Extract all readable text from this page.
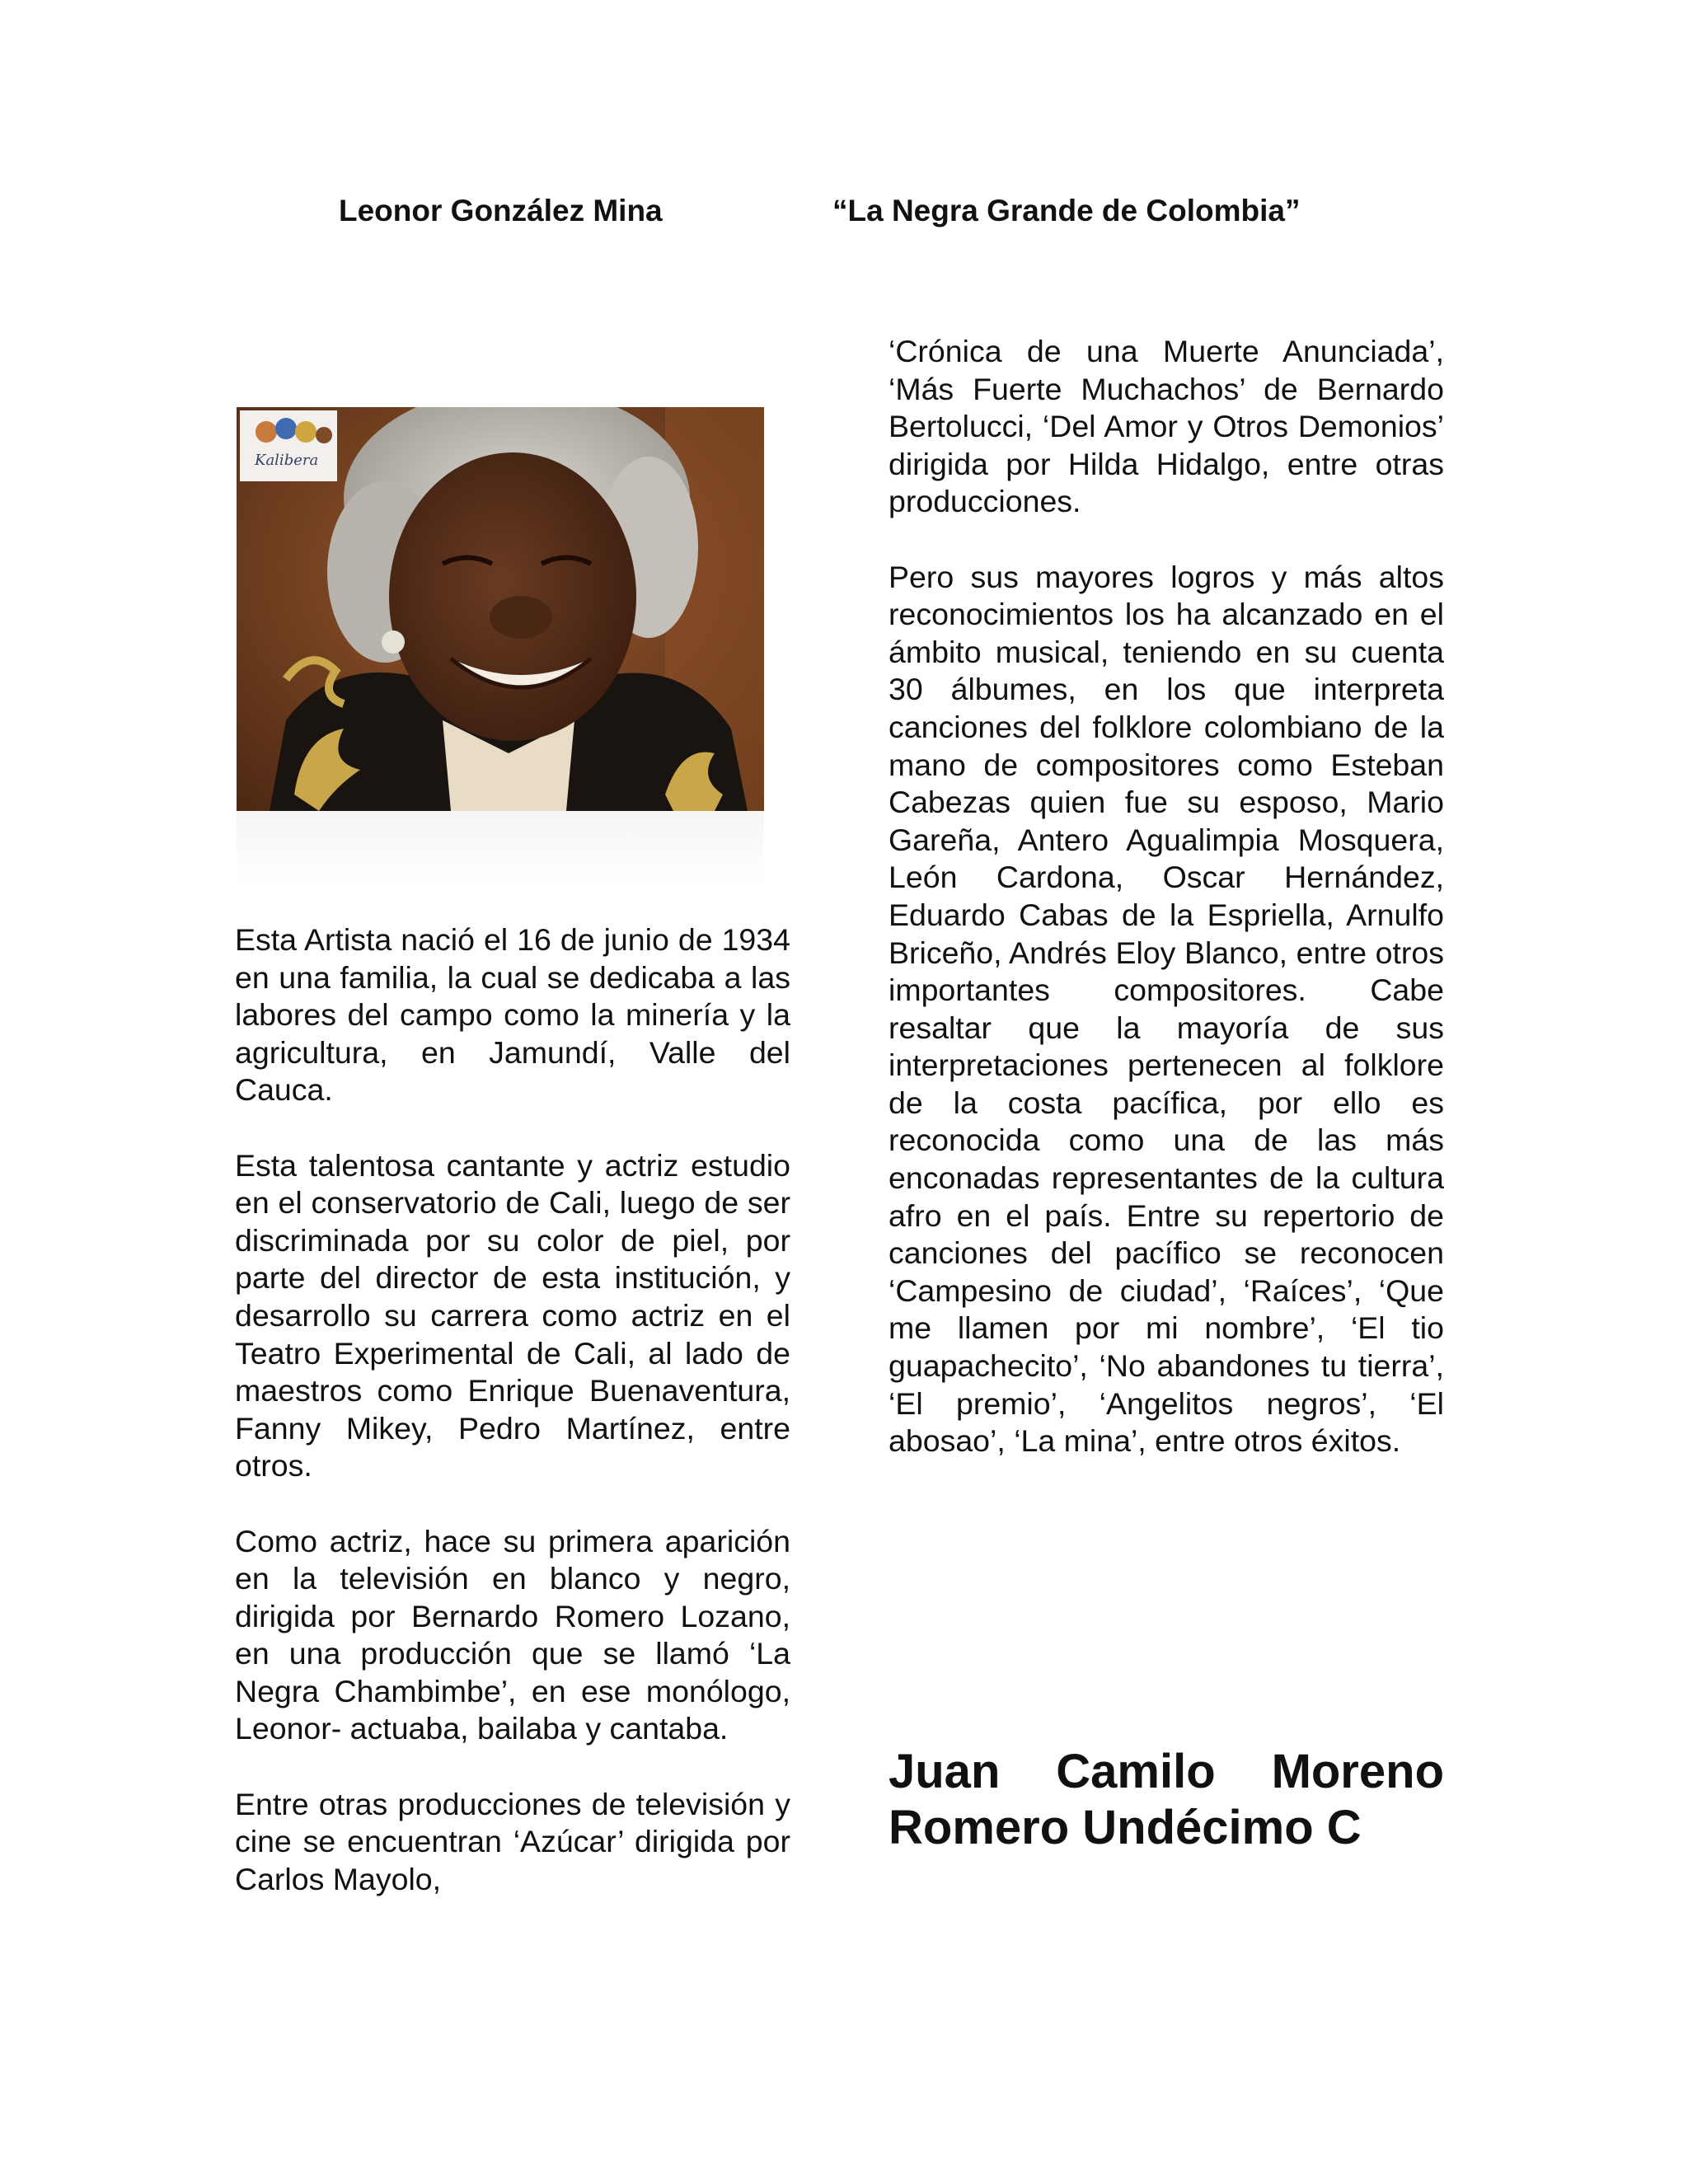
Leonor González Mina	“La Negra Grande de Colombia”
Kalibera

Esta Artista nació el 16 de junio de 1934 en una familia, la cual se dedicaba a las labores del campo como la minería y la agricultura, en Jamundí, Valle del Cauca.

Esta talentosa cantante y actriz estudio en el conservatorio de Cali, luego de ser discriminada por su color de piel, por parte del director de esta institución, y desarrollo su carrera como actriz en el Teatro Experimental de Cali, al lado de maestros como Enrique Buenaventura, Fanny Mikey, Pedro Martínez, entre otros.

Como actriz, hace su primera aparición en la televisión en blanco y negro, dirigida por Bernardo Romero Lozano, en una producción que se llamó ‘La Negra Chambimbe’, en ese monólogo, Leonor- actuaba, bailaba y cantaba.

Entre otras producciones de televisión y cine se encuentran ‘Azúcar’ dirigida por Carlos Mayolo,

‘Crónica de una Muerte Anunciada’, ‘Más Fuerte Muchachos’ de Bernardo Bertolucci, ‘Del Amor y Otros Demonios’ dirigida por Hilda Hidalgo, entre otras producciones.

Pero sus mayores logros y más altos reconocimientos los ha alcanzado en el ámbito musical, teniendo en su cuenta 30 álbumes, en los que interpreta canciones del folklore colombiano de la mano de compositores como Esteban Cabezas quien fue su esposo, Mario Gareña, Antero Agualimpia Mosquera, León Cardona, Oscar Hernández, Eduardo Cabas de la Espriella, Arnulfo Briceño, Andrés Eloy Blanco, entre otros importantes compositores. Cabe resaltar que la mayoría de sus interpretaciones pertenecen al folklore de la costa pacífica, por ello es reconocida como una de las más enconadas representantes de la cultura afro en el país. Entre su repertorio de canciones del pacífico se reconocen ‘Campesino de ciudad’, ‘Raíces’, ‘Que me llamen por mi nombre’, ‘El tio guapachecito’, ‘No abandones tu tierra’, ‘El premio’, ‘Angelitos negros’, ‘El abosao’, ‘La mina’, entre otros éxitos.

Juan Camilo Moreno Romero Undécimo C
